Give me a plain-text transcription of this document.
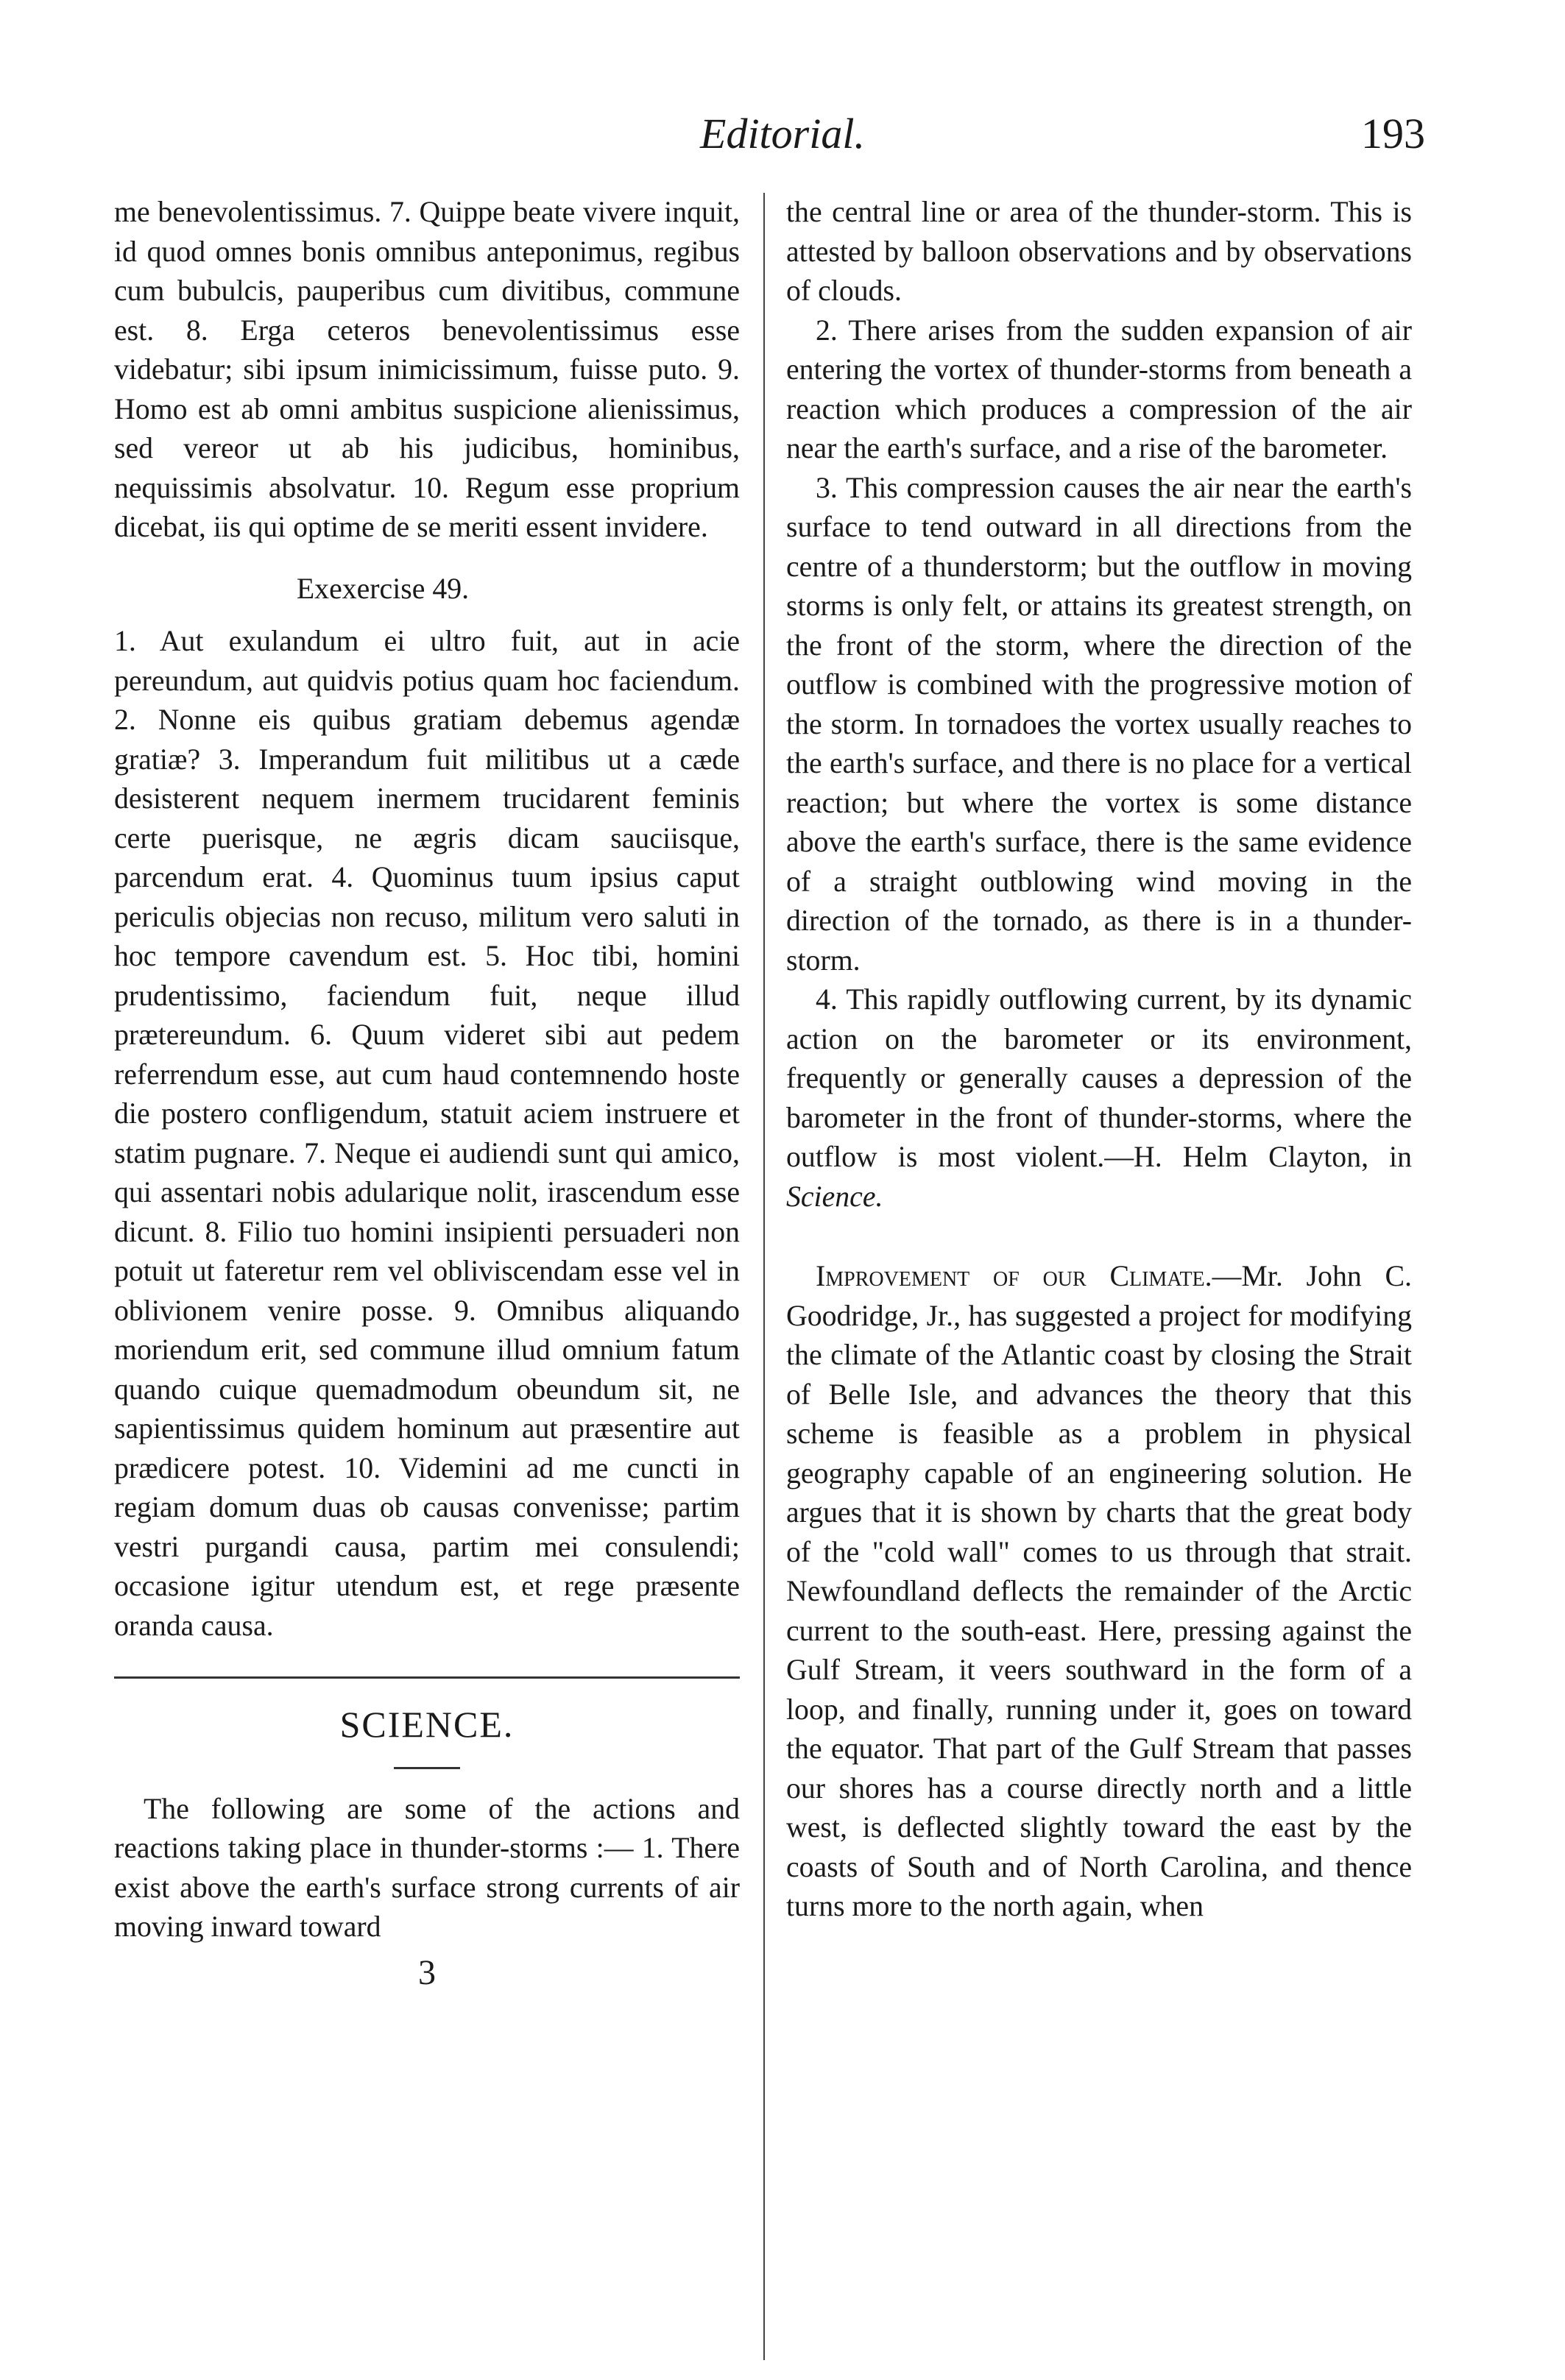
Editorial.	193

me benevolentissimus. 7. Quippe beate vivere inquit, id quod omnes bonis omnibus anteponimus, regibus cum bubulcis, pauperibus cum divitibus, commune est. 8. Erga ceteros benevolentissimus esse videbatur; sibi ipsum inimicissimum, fuisse puto. 9. Homo est ab omni ambitus suspicione alienissimus, sed vereor ut ab his judicibus, hominibus, nequissimis absolvatur. 10. Regum esse proprium dicebat, iis qui optime de se meriti essent invidere.

Exexercise 49.

1. Aut exulandum ei ultro fuit, aut in acie pereundum, aut quidvis potius quam hoc faciendum. 2. Nonne eis quibus gratiam debemus agendæ gratiæ? 3. Imperandum fuit militibus ut a cæde desisterent nequem inermem trucidarent feminis certe puerisque, ne ægris dicam sauciisque, parcendum erat. 4. Quominus tuum ipsius caput periculis objecias non recuso, militum vero saluti in hoc tempore cavendum est. 5. Hoc tibi, homini prudentissimo, faciendum fuit, neque illud prætereundum. 6. Quum videret sibi aut pedem referrendum esse, aut cum haud contemnendo hoste die postero confligendum, statuit aciem instruere et statim pugnare. 7. Neque ei audiendi sunt qui amico, qui assentari nobis adularique nolit, irascendum esse dicunt. 8. Filio tuo homini insipienti persuaderi non potuit ut fateretur rem vel obliviscendam esse vel in oblivionem venire posse. 9. Omnibus aliquando moriendum erit, sed commune illud omnium fatum quando cuique quemadmodum obeundum sit, ne sapientissimus quidem hominum aut præsentire aut prædicere potest. 10. Videmini ad me cuncti in regiam domum duas ob causas convenisse; partim vestri purgandi causa, partim mei consulendi; occasione igitur utendum est, et rege præsente oranda causa.

SCIENCE.

The following are some of the actions and reactions taking place in thunder-storms :— 1. There exist above the earth's surface strong currents of air moving inward toward

3

the central line or area of the thunder-storm. This is attested by balloon observations and by observations of clouds.

2. There arises from the sudden expansion of air entering the vortex of thunder-storms from beneath a reaction which produces a compression of the air near the earth's surface, and a rise of the barometer.

3. This compression causes the air near the earth's surface to tend outward in all directions from the centre of a thunderstorm; but the outflow in moving storms is only felt, or attains its greatest strength, on the front of the storm, where the direction of the outflow is combined with the progressive motion of the storm. In tornadoes the vortex usually reaches to the earth's surface, and there is no place for a vertical reaction; but where the vortex is some distance above the earth's surface, there is the same evidence of a straight outblowing wind moving in the direction of the tornado, as there is in a thunder-storm.

4. This rapidly outflowing current, by its dynamic action on the barometer or its environment, frequently or generally causes a depression of the barometer in the front of thunder-storms, where the outflow is most violent.—H. Helm Clayton, in Science.

Improvement of our Climate.—Mr. John C. Goodridge, Jr., has suggested a project for modifying the climate of the Atlantic coast by closing the Strait of Belle Isle, and advances the theory that this scheme is feasible as a problem in physical geography capable of an engineering solution. He argues that it is shown by charts that the great body of the "cold wall" comes to us through that strait. Newfoundland deflects the remainder of the Arctic current to the south-east. Here, pressing against the Gulf Stream, it veers southward in the form of a loop, and finally, running under it, goes on toward the equator. That part of the Gulf Stream that passes our shores has a course directly north and a little west, is deflected slightly toward the east by the coasts of South and of North Carolina, and thence turns more to the north again, when
